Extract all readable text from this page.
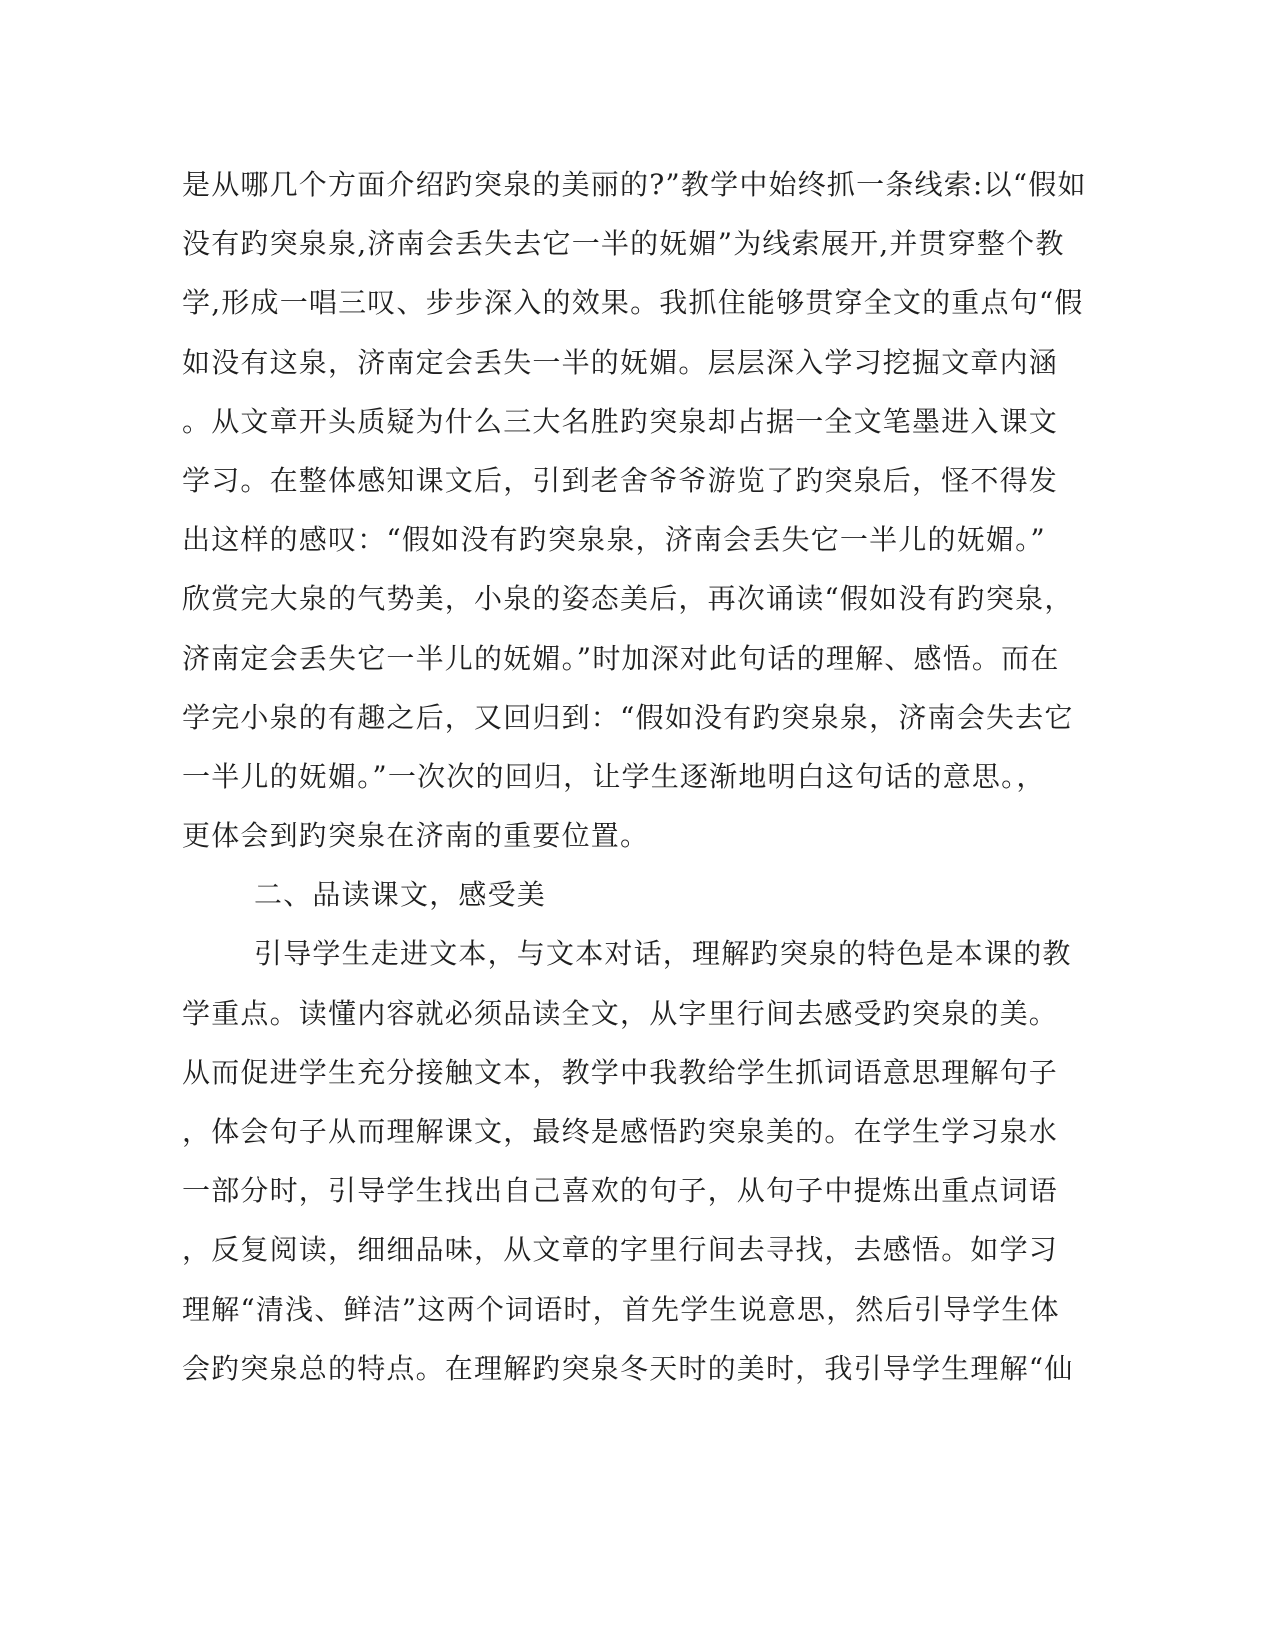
是从哪几个方面介绍趵突泉的美丽的?”教学中始终抓一条线索:以“假如
没有趵突泉泉,济南会丢失去它一半的妩媚”为线索展开,并贯穿整个教
学,形成一唱三叹、步步深入的效果。我抓住能够贯穿全文的重点句“假
如没有这泉，济南定会丢失一半的妩媚。层层深入学习挖掘文章内涵
。从文章开头质疑为什么三大名胜趵突泉却占据一全文笔墨进入课文
学习。在整体感知课文后，引到老舍爷爷游览了趵突泉后，怪不得发
出这样的感叹：“假如没有趵突泉泉，济南会丢失它一半儿的妩媚。”
欣赏完大泉的气势美，小泉的姿态美后，再次诵读“假如没有趵突泉，
济南定会丢失它一半儿的妩媚。”时加深对此句话的理解、感悟。而在
学完小泉的有趣之后，又回归到：“假如没有趵突泉泉，济南会失去它
一半儿的妩媚。”一次次的回归，让学生逐渐地明白这句话的意思。，
更体会到趵突泉在济南的重要位置。
二、品读课文，感受美
引导学生走进文本，与文本对话，理解趵突泉的特色是本课的教
学重点。读懂内容就必须品读全文，从字里行间去感受趵突泉的美。
从而促进学生充分接触文本，教学中我教给学生抓词语意思理解句子
，体会句子从而理解课文，最终是感悟趵突泉美的。在学生学习泉水
一部分时，引导学生找出自己喜欢的句子，从句子中提炼出重点词语
，反复阅读，细细品味，从文章的字里行间去寻找，去感悟。如学习
理解“清浅、鲜洁”这两个词语时，首先学生说意思，然后引导学生体
会趵突泉总的特点。在理解趵突泉冬天时的美时，我引导学生理解“仙
